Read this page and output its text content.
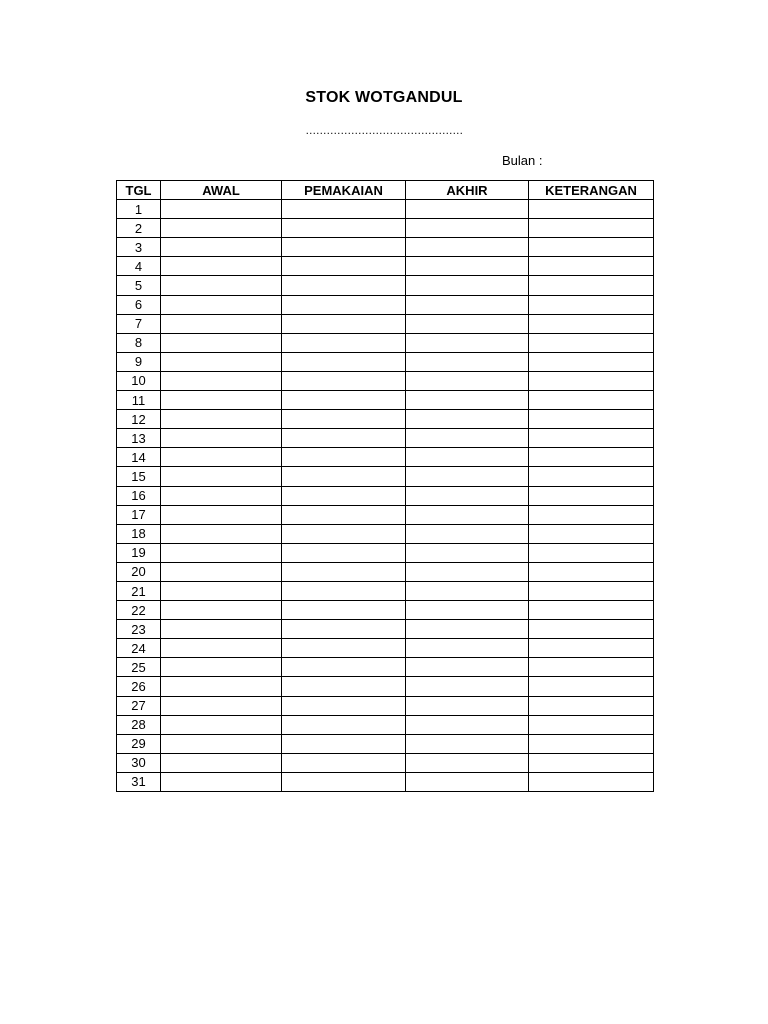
STOK WOTGANDUL
………………………………………
Bulan :
TGL	AWAL	PEMAKAIAN	AKHIR	KETERANGAN
1				
2				
3				
4				
5				
6				
7				
8				
9				
10				
11				
12				
13				
14				
15				
16				
17				
18				
19				
20				
21				
22				
23				
24				
25				
26				
27				
28				
29				
30				
31				
